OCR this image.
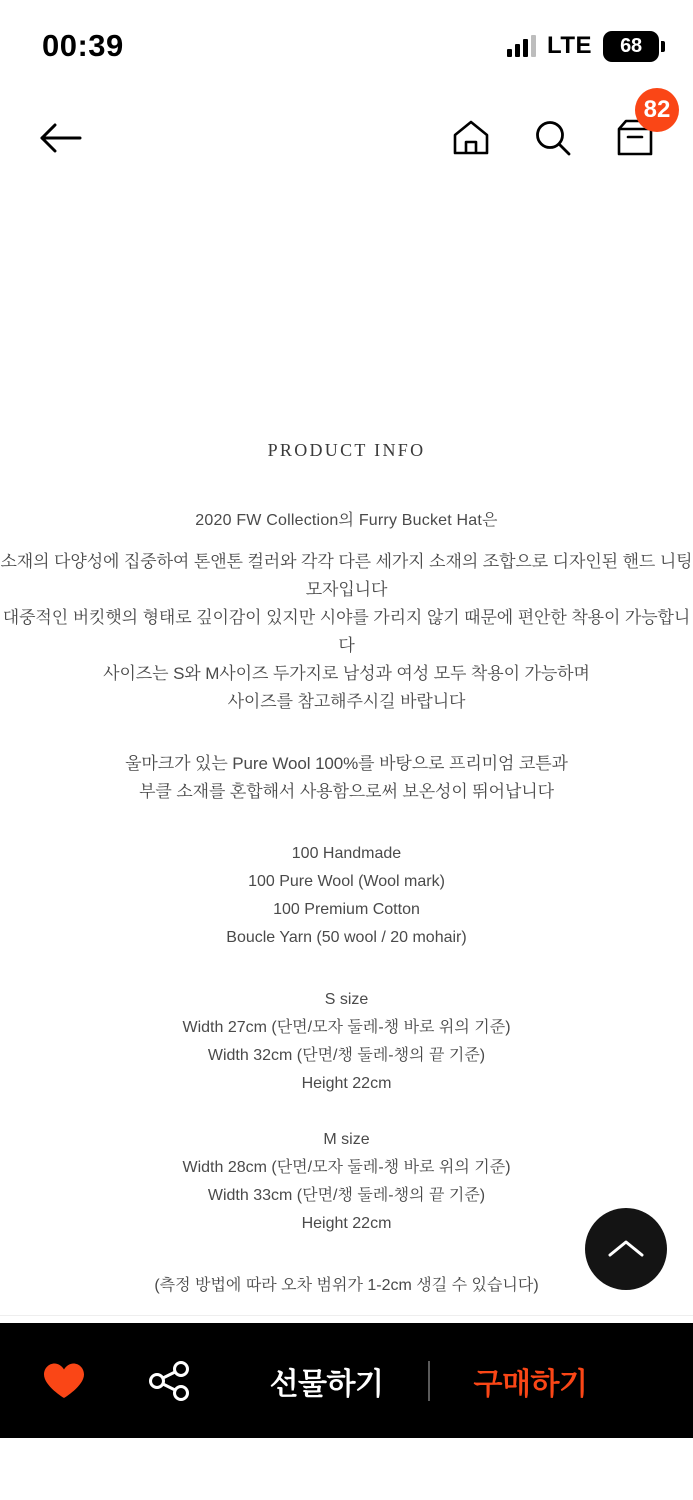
00:39	LTE 68
82
PRODUCT INFO
2020 FW Collection의 Furry Bucket Hat은
소재의 다양성에 집중하여 톤앤톤 컬러와 각각 다른 세가지 소재의 조합으로 디자인된 핸드 니팅 모자입니다
대중적인 버킷햇의 형태로 깊이감이 있지만 시야를 가리지 않기 때문에 편안한 착용이 가능합니다
사이즈는 S와 M사이즈 두가지로 남성과 여성 모두 착용이 가능하며
사이즈를 참고해주시길 바랍니다
울마크가 있는 Pure Wool 100%를 바탕으로 프리미엄 코튼과
부클 소재를 혼합해서 사용함으로써 보온성이 뛰어납니다
100 Handmade
100 Pure Wool (Wool mark)
100 Premium Cotton
Boucle Yarn (50 wool / 20 mohair)
S size
Width 27cm (단면/모자 둘레-챙 바로 위의 기준)
Width 32cm (단면/챙 둘레-챙의 끝 기준)
Height 22cm
M size
Width 28cm (단면/모자 둘레-챙 바로 위의 기준)
Width 33cm (단면/챙 둘레-챙의 끝 기준)
Height 22cm
(측정 방법에 따라 오차 범위가 1-2cm 생길 수 있습니다)
선물하기	구매하기
